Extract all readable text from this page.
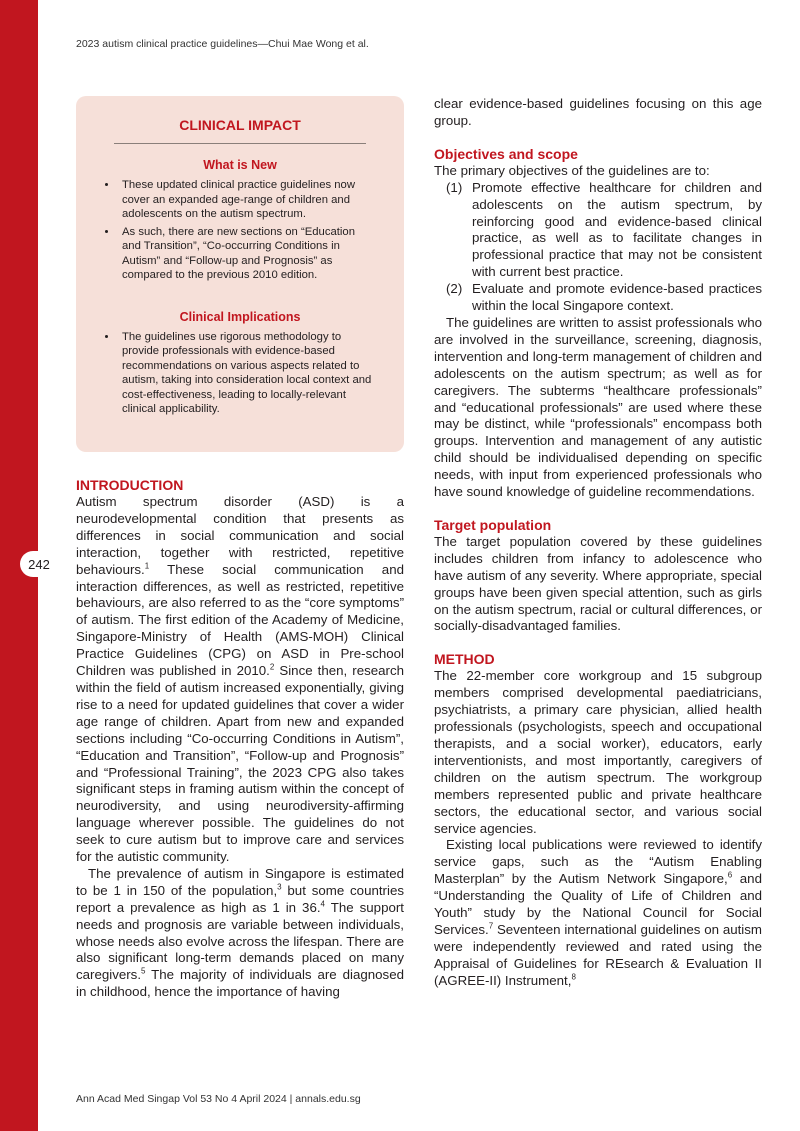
242
2023 autism clinical practice guidelines—Chui Mae Wong et al.
CLINICAL IMPACT
What is New
• These updated clinical practice guidelines now cover an expanded age-range of children and adolescents on the autism spectrum.
• As such, there are new sections on “Education and Transition”, “Co-occurring Conditions in Autism” and “Follow-up and Prognosis” as compared to the previous 2010 edition.
Clinical Implications
• The guidelines use rigorous methodology to provide professionals with evidence-based recommendations on various aspects related to autism, taking into consideration local context and cost-effectiveness, leading to locally-relevant clinical applicability.
INTRODUCTION

Autism spectrum disorder (ASD) is a neurodevelopmental condition that presents as differences in social communication and social interaction, together with restricted, repetitive behaviours.$^1$ These social communication and interaction differences, as well as restricted, repetitive behaviours, are also referred to as the “core symptoms” of autism. The first edition of the Academy of Medicine, Singapore-Ministry of Health (AMS-MOH) Clinical Practice Guidelines (CPG) on ASD in Pre-school Children was published in 2010.$^2$ Since then, research within the field of autism increased exponentially, giving rise to a need for updated guidelines that cover a wider age range of children. Apart from new and expanded sections including “Co-occurring Conditions in Autism”, “Education and Transition”, “Follow-up and Prognosis” and “Professional Training”, the 2023 CPG also takes significant steps in framing autism within the concept of neurodiversity, and using neurodiversity-affirming language wherever possible. The guidelines do not seek to cure autism but to improve care and services for the autistic community.

The prevalence of autism in Singapore is estimated to be 1 in 150 of the population,$^3$ but some countries report a prevalence as high as 1 in 36.$^4$ The support needs and prognosis are variable between individuals, whose needs also evolve across the lifespan. There are also significant long-term demands placed on many caregivers.$^5$ The majority of individuals are diagnosed in childhood, hence the importance of having

clear evidence-based guidelines focusing on this age group.

Objectives and scope

The primary objectives of the guidelines are to:

(1) Promote effective healthcare for children and adolescents on the autism spectrum, by reinforcing good and evidence-based clinical practice, as well as to facilitate changes in professional practice that may not be consistent with current best practice.
(2) Evaluate and promote evidence-based practices within the local Singapore context.

The guidelines are written to assist professionals who are involved in the surveillance, screening, diagnosis, intervention and long-term management of children and adolescents on the autism spectrum; as well as for caregivers. The subterms “healthcare professionals” and “educational professionals” are used where these may be distinct, while “professionals” encompass both groups. Intervention and management of any autistic child should be individualised depending on specific needs, with input from experienced professionals who have sound knowledge of guideline recommendations.

Target population

The target population covered by these guidelines includes children from infancy to adolescence who have autism of any severity. Where appropriate, special groups have been given special attention, such as girls on the autism spectrum, racial or cultural differences, or socially-disadvantaged families.

METHOD

The 22-member core workgroup and 15 subgroup members comprised developmental paediatricians, psychiatrists, a primary care physician, allied health professionals (psychologists, speech and occupational therapists, and a social worker), educators, early interventionists, and most importantly, caregivers of children on the autism spectrum. The workgroup members represented public and private healthcare sectors, the educational sector, and various social service agencies.

Existing local publications were reviewed to identify service gaps, such as the “Autism Enabling Masterplan” by the Autism Network Singapore,$^6$ and “Understanding the Quality of Life of Children and Youth” study by the National Council for Social Services.$^7$ Seventeen international guidelines on autism were independently reviewed and rated using the Appraisal of Guidelines for REsearch & Evaluation II (AGREE-II) Instrument,$^8$

Ann Acad Med Singap Vol 53 No 4 April 2024 | annals.edu.sg
